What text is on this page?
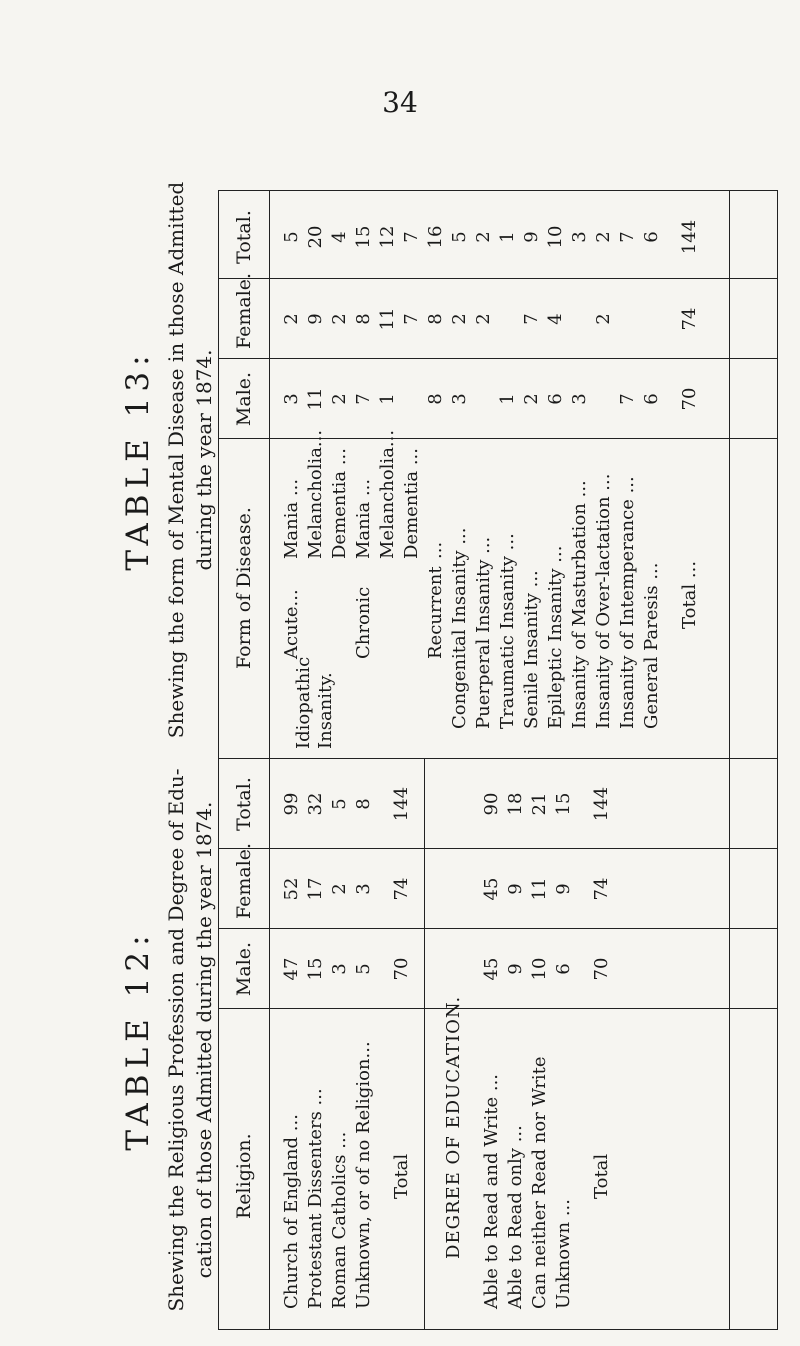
34
TABLE 12:
TABLE 13:
Shewing the Religious Profession and Degree of Edu- cation of those Admitted during the year 1874.
Shewing the form of Mental Disease in those Admitted during the year 1874.
Religion.
Male.
Female.
Total.
Church of England ...
47
52
99
Protestant Dissenters ...
15
17
32
Roman Catholics ...
3
2
5
Unknown, or of no Religion...
5
3
8
Total
70
74
144
DEGREE OF EDUCATION. Able to Read and Write ...
45
45
90
Able to Read only ...
9
9
18
Can neither Read nor Write
10
11
21
Unknown ...
6
9
15
Total
70
74
144
Form of Disease.
Male.
Female.
Total.
Idiopathic Insanity.
Acute...	Chronic	Recurrent
Mania ...
3
2
5
Melancholia...
11
9
20
Dementia ...
2
2
4
Mania ...
7
8
15
Melancholia...
1
11
12
Dementia ...
7
7
...
8
8
16
Congenital Insanity ...
3
2
5
Puerperal Insanity ...
2
2
Traumatic Insanity ...
1
1
Senile Insanity ...
2
7
9
Epileptic Insanity ...
6
4
10
Insanity of Masturbation ...
3
3
Insanity of Over-lactation ...
2
2
Insanity of Intemperance ...
7
7
General Paresis ...
6
6
Total ...
70
74
144
